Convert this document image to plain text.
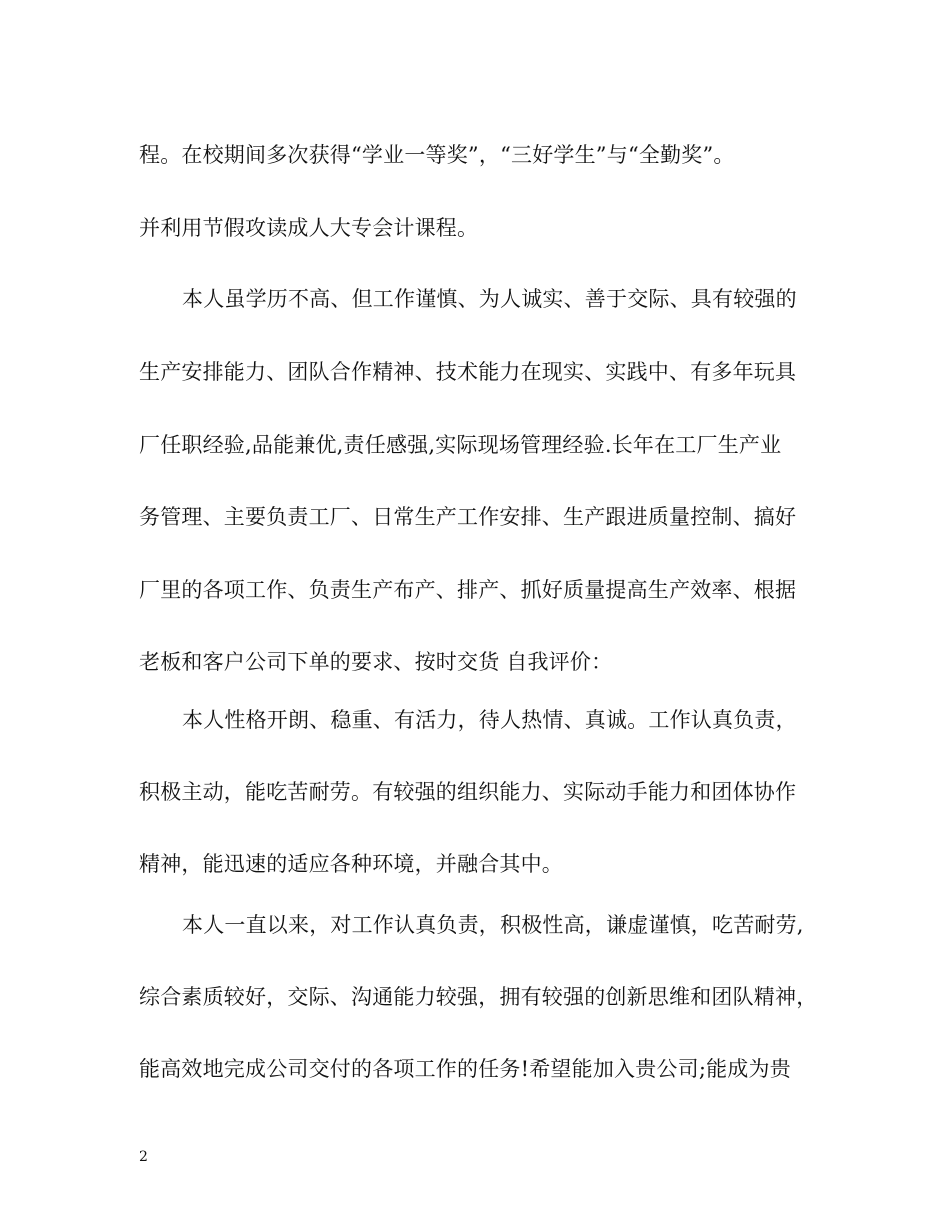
程。在校期间多次获得“学业一等奖”，“三好学生”与“全勤奖”。
并利用节假攻读成人大专会计课程。
本人虽学历不高、但工作谨慎、为人诚实、善于交际、具有较强的
生产安排能力、团队合作精神、技术能力在现实、实践中、有多年玩具
厂任职经验,品能兼优,责任感强,实际现场管理经验.长年在工厂生产业
务管理、主要负责工厂、日常生产工作安排、生产跟进质量控制、搞好
厂里的各项工作、负责生产布产、排产、抓好质量提高生产效率、根据
老板和客户公司下单的要求、按时交货 自我评价：
本人性格开朗、稳重、有活力，待人热情、真诚。工作认真负责，
积极主动，能吃苦耐劳。有较强的组织能力、实际动手能力和团体协作
精神，能迅速的适应各种环境，并融合其中。
本人一直以来，对工作认真负责，积极性高，谦虚谨慎，吃苦耐劳,
综合素质较好，交际、沟通能力较强，拥有较强的创新思维和团队精神，
能高效地完成公司交付的各项工作的任务!希望能加入贵公司;能成为贵
2
